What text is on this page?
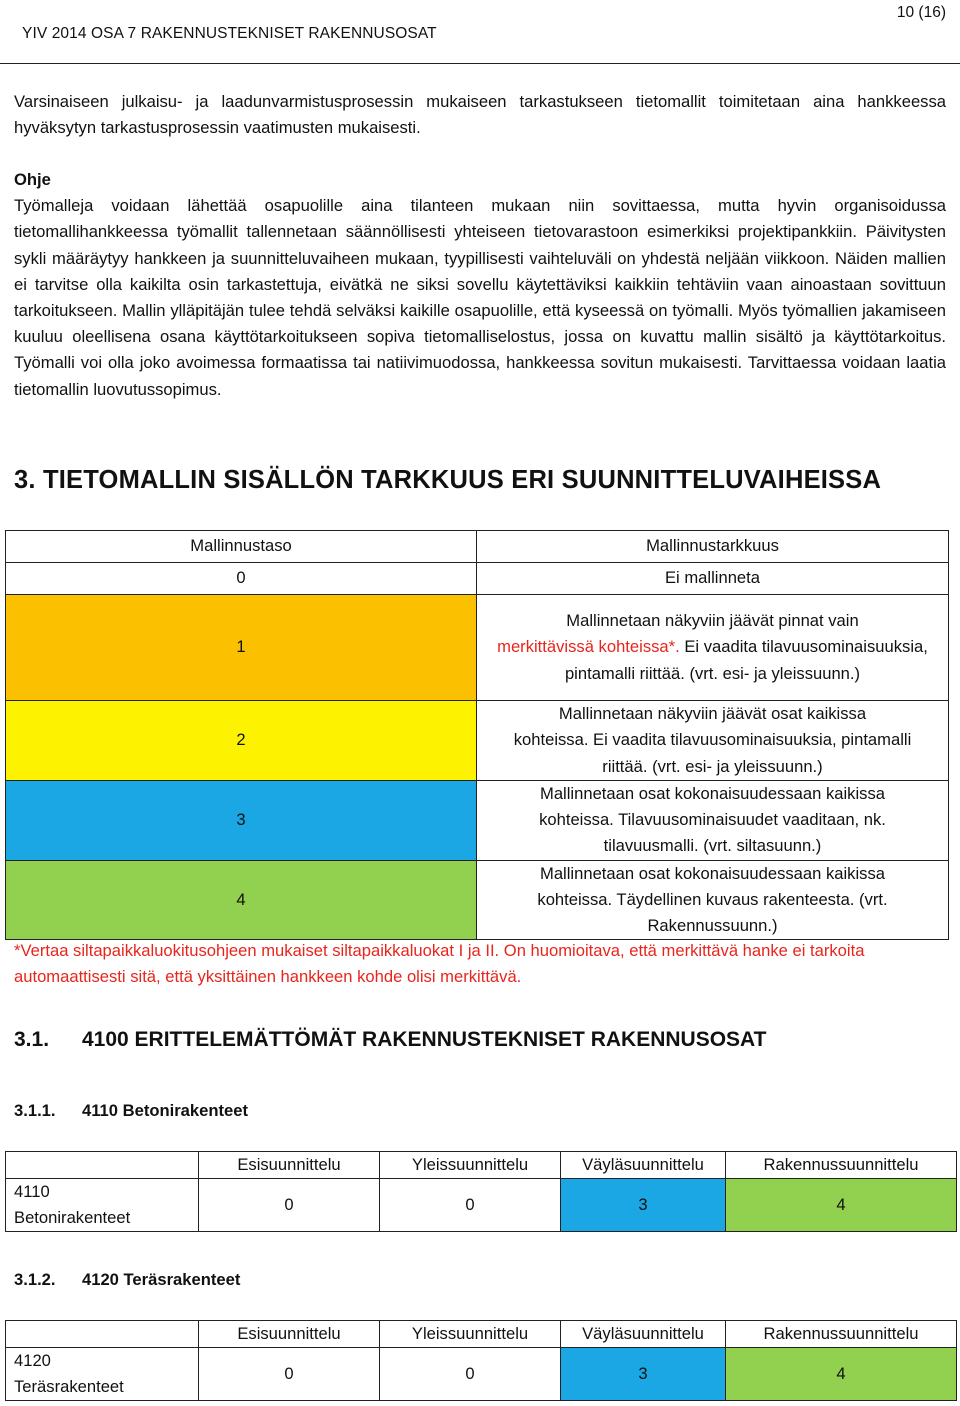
YIV 2014 OSA 7 RAKENNUSTEKNISET RAKENNUSOSAT
10 (16)

Varsinaiseen julkaisu- ja laadunvarmistusprosessin mukaiseen tarkastukseen tietomallit toimitetaan aina hankkeessa hyväksytyn tarkastusprosessin vaatimusten mukaisesti.

Ohje

Työmalleja voidaan lähettää osapuolille aina tilanteen mukaan niin sovittaessa, mutta hyvin organisoidussa tietomallihankkeessa työmallit tallennetaan säännöllisesti yhteiseen tietovarastoon esimerkiksi projektipankkiin. Päivitysten sykli määräytyy hankkeen ja suunnitteluvaiheen mukaan, tyypillisesti vaihteluväli on yhdestä neljään viikkoon. Näiden mallien ei tarvitse olla kaikilta osin tarkastettuja, eivätkä ne siksi sovellu käytettäviksi kaikkiin tehtäviin vaan ainoastaan sovittuun tarkoitukseen. Mallin ylläpitäjän tulee tehdä selväksi kaikille osapuolille, että kyseessä on työmalli. Myös työmallien jakamiseen kuuluu oleellisena osana käyttötarkoitukseen sopiva tietomalliselostus, jossa on kuvattu mallin sisältö ja käyttötarkoitus. Työmalli voi olla joko avoimessa formaatissa tai natiivimuodossa, hankkeessa sovitun mukaisesti. Tarvittaessa voidaan laatia tietomallin luovutussopimus.

3. TIETOMALLIN SISÄLLÖN TARKKUUS ERI SUUNNITTELUVAIHEISSA
Mallinnustaso	Mallinnustarkkuus
0	Ei mallinneta
1	Mallinnetaan näkyviin jäävät pinnat vain
merkittävissä kohteissa*. Ei vaadita tilavuusominaisuuksia, pintamalli riittää. (vrt. esi- ja yleissuunn.)
2	Mallinnetaan näkyviin jäävät osat kaikissa
kohteissa. Ei vaadita tilavuusominaisuuksia, pintamalli riittää. (vrt. esi- ja yleissuunn.)
3	Mallinnetaan osat kokonaisuudessaan kaikissa
kohteissa. Tilavuusominaisuudet vaaditaan, nk. tilavuusmalli. (vrt. siltasuunn.)
4	Mallinnetaan osat kokonaisuudessaan kaikissa
kohteissa. Täydellinen kuvaus rakenteesta. (vrt. Rakennussuunn.)
*Vertaa siltapaikkaluokitusohjeen mukaiset siltapaikkaluokat I ja II. On huomioitava, että merkittävä hanke ei tarkoita automaattisesti sitä, että yksittäinen hankkeen kohde olisi merkittävä.
3.1. 4100 ERITTELEMÄTTÖMÄT RAKENNUSTEKNISET RAKENNUSOSAT
3.1.1. 4110 Betonirakenteet
	Esisuunnittelu	Yleissuunnittelu	Väyläsuunnittelu	Rakennussuunnittelu
4110
Betonirakenteet	0	0	3	4
3.1.2. 4120 Teräsrakenteet
	Esisuunnittelu	Yleissuunnittelu	Väyläsuunnittelu	Rakennussuunnittelu
4120
Teräsrakenteet	0	0	3	4
